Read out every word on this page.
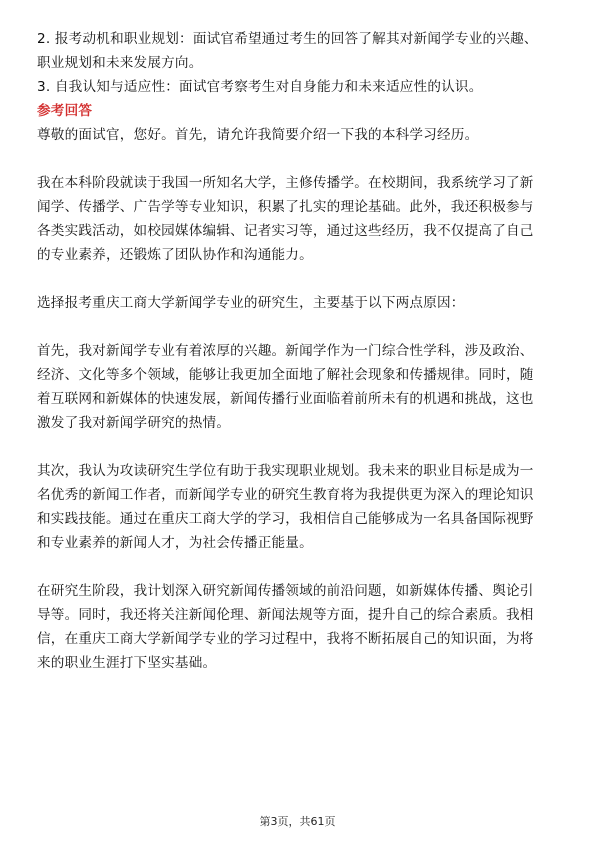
2. 报考动机和职业规划：面试官希望通过考生的回答了解其对新闻学专业的兴趣、
职业规划和未来发展方向。
3. 自我认知与适应性：面试官考察考生对自身能力和未来适应性的认识。
参考回答
尊敬的面试官，您好。首先，请允许我简要介绍一下我的本科学习经历。
我在本科阶段就读于我国一所知名大学，主修传播学。在校期间，我系统学习了新
闻学、传播学、广告学等专业知识，积累了扎实的理论基础。此外，我还积极参与
各类实践活动，如校园媒体编辑、记者实习等，通过这些经历，我不仅提高了自己
的专业素养，还锻炼了团队协作和沟通能力。
选择报考重庆工商大学新闻学专业的研究生，主要基于以下两点原因：
首先，我对新闻学专业有着浓厚的兴趣。新闻学作为一门综合性学科，涉及政治、
经济、文化等多个领域，能够让我更加全面地了解社会现象和传播规律。同时，随
着互联网和新媒体的快速发展，新闻传播行业面临着前所未有的机遇和挑战，这也
激发了我对新闻学研究的热情。
其次，我认为攻读研究生学位有助于我实现职业规划。我未来的职业目标是成为一
名优秀的新闻工作者，而新闻学专业的研究生教育将为我提供更为深入的理论知识
和实践技能。通过在重庆工商大学的学习，我相信自己能够成为一名具备国际视野
和专业素养的新闻人才，为社会传播正能量。
在研究生阶段，我计划深入研究新闻传播领域的前沿问题，如新媒体传播、舆论引
导等。同时，我还将关注新闻伦理、新闻法规等方面，提升自己的综合素质。我相
信，在重庆工商大学新闻学专业的学习过程中，我将不断拓展自己的知识面，为将
来的职业生涯打下坚实基础。
第3页，共61页
